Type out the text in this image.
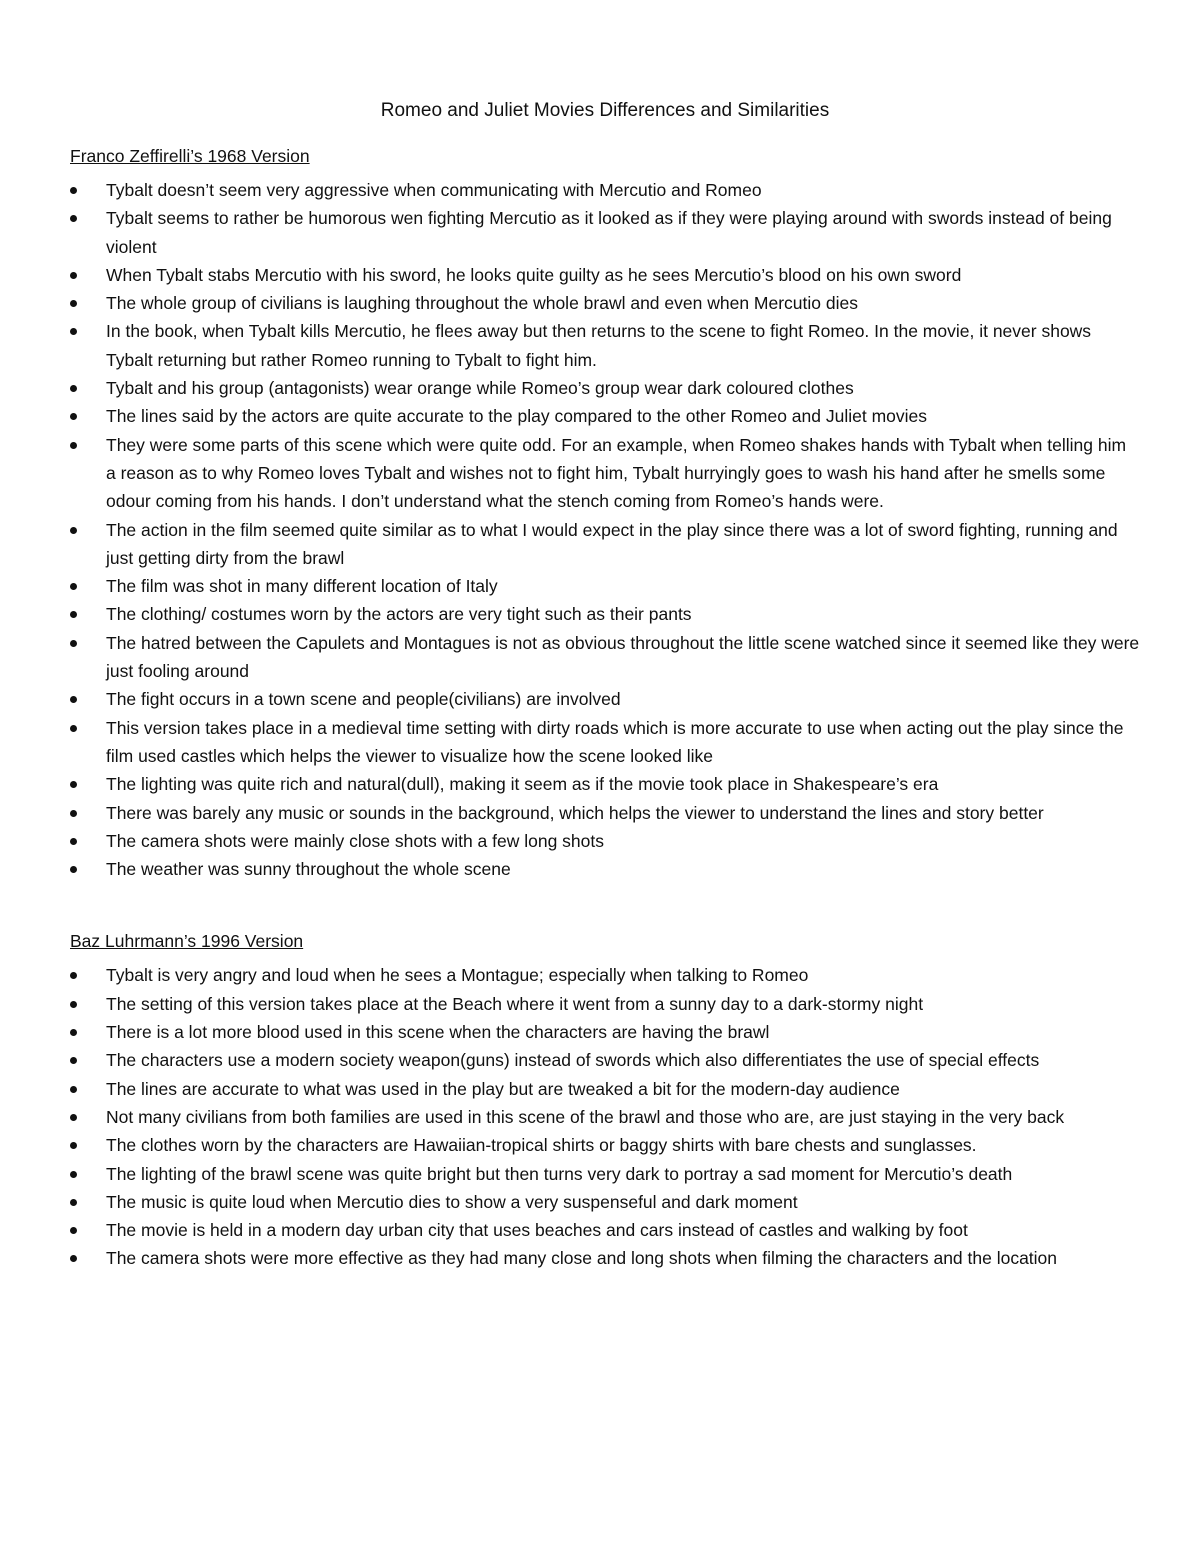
Romeo and Juliet Movies Differences and Similarities
Franco Zeffirelli’s 1968 Version
Tybalt doesn’t seem very aggressive when communicating with Mercutio and Romeo
Tybalt seems to rather be humorous wen fighting Mercutio as it looked as if they were playing around with swords instead of being violent
When Tybalt stabs Mercutio with his sword, he looks quite guilty as he sees Mercutio’s blood on his own sword
The whole group of civilians is laughing throughout the whole brawl and even when Mercutio dies
In the book, when Tybalt kills Mercutio, he flees away but then returns to the scene to fight Romeo. In the movie, it never shows Tybalt returning but rather Romeo running to Tybalt to fight him.
Tybalt and his group (antagonists) wear orange while Romeo’s group wear dark coloured clothes
The lines said by the actors are quite accurate to the play compared to the other Romeo and Juliet movies
They were some parts of this scene which were quite odd. For an example, when Romeo shakes hands with Tybalt when telling him a reason as to why Romeo loves Tybalt and wishes not to fight him, Tybalt hurryingly goes to wash his hand after he smells some odour coming from his hands. I don’t understand what the stench coming from Romeo’s hands were.
The action in the film seemed quite similar as to what I would expect in the play since there was a lot of sword fighting, running and just getting dirty from the brawl
The film was shot in many different location of Italy
The clothing/ costumes worn by the actors are very tight such as their pants
The hatred between the Capulets and Montagues is not as obvious throughout the little scene watched since it seemed like they were just fooling around
The fight occurs in a town scene and people(civilians) are involved
This version takes place in a medieval time setting with dirty roads which is more accurate to use when acting out the play since the film used castles which helps the viewer to visualize how the scene looked like
The lighting was quite rich and natural(dull), making it seem as if the movie took place in Shakespeare’s era
There was barely any music or sounds in the background, which helps the viewer to understand the lines and story better
The camera shots were mainly close shots with a few long shots
The weather was sunny throughout the whole scene
Baz Luhrmann’s 1996 Version
Tybalt is very angry and loud when he sees a Montague; especially when talking to Romeo
The setting of this version takes place at the Beach where it went from a sunny day to a dark-stormy night
There is a lot more blood used in this scene when the characters are having the brawl
The characters use a modern society weapon(guns) instead of swords which also differentiates the use of special effects
The lines are accurate to what was used in the play but are tweaked a bit for the modern-day audience
Not many civilians from both families are used in this scene of the brawl and those who are, are just staying in the very back
The clothes worn by the characters are Hawaiian-tropical shirts or baggy shirts with bare chests and sunglasses.
The lighting of the brawl scene was quite bright but then turns very dark to portray a sad moment for Mercutio’s death
The music is quite loud when Mercutio dies to show a very suspenseful and dark moment
The movie is held in a modern day urban city that uses beaches and cars instead of castles and walking by foot
The camera shots were more effective as they had many close and long shots when filming the characters and the location
